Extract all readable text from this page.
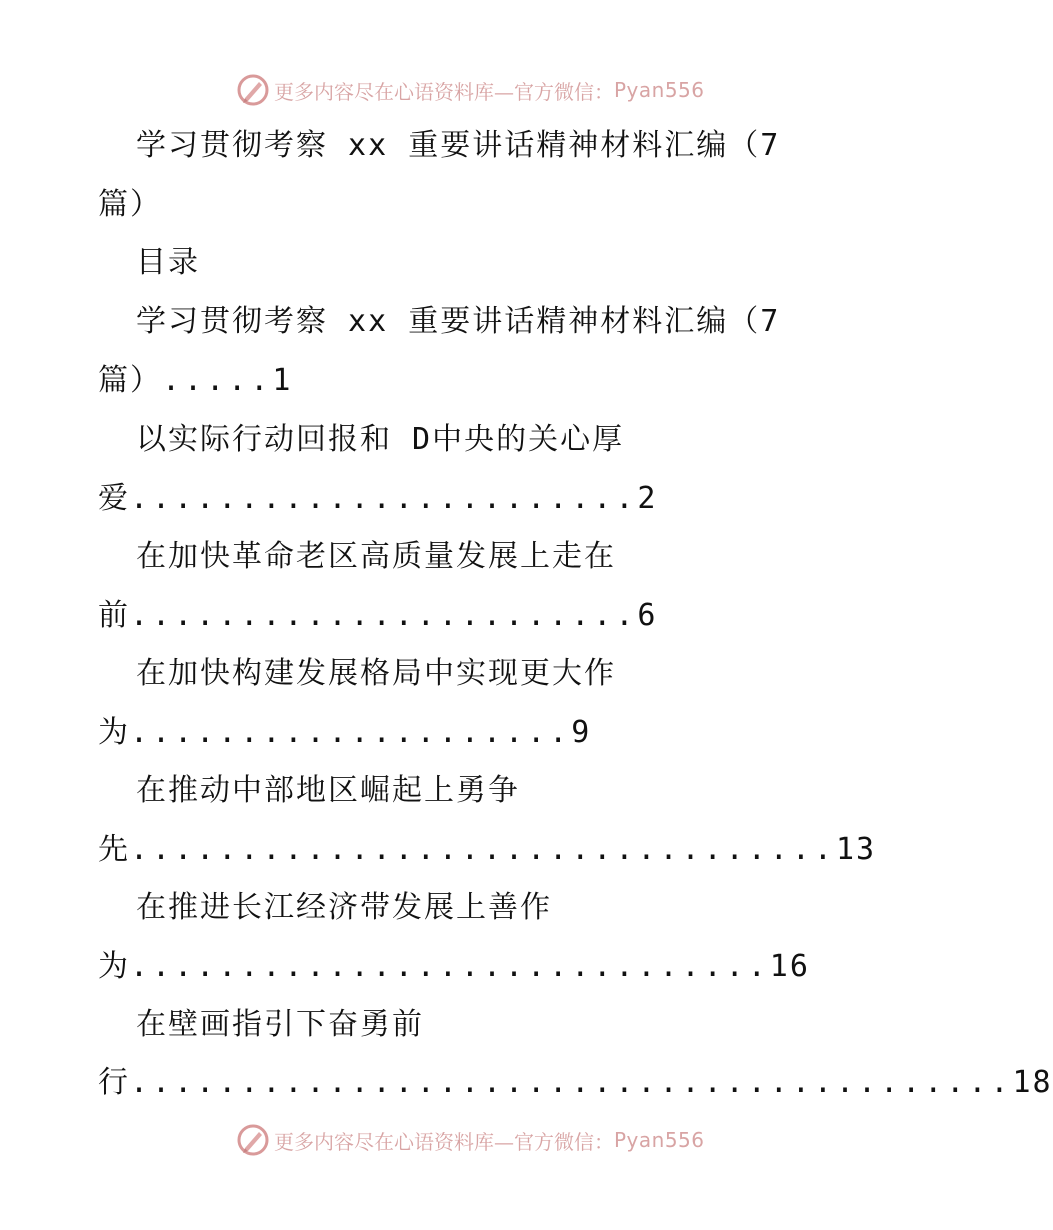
更多内容尽在心语资料库—官方微信： Pyan556
学习贯彻考察 xx 重要讲话精神材料汇编（7
篇）
目录
学习贯彻考察 xx 重要讲话精神材料汇编（7
篇）.....1
以实际行动回报和 D中央的关心厚
爱.......................2
在加快革命老区高质量发展上走在
前.......................6
在加快构建发展格局中实现更大作
为....................9
在推动中部地区崛起上勇争
先................................13
在推进长江经济带发展上善作
为.............................16
在壁画指引下奋勇前
行........................................18
更多内容尽在心语资料库—官方微信： Pyan556
